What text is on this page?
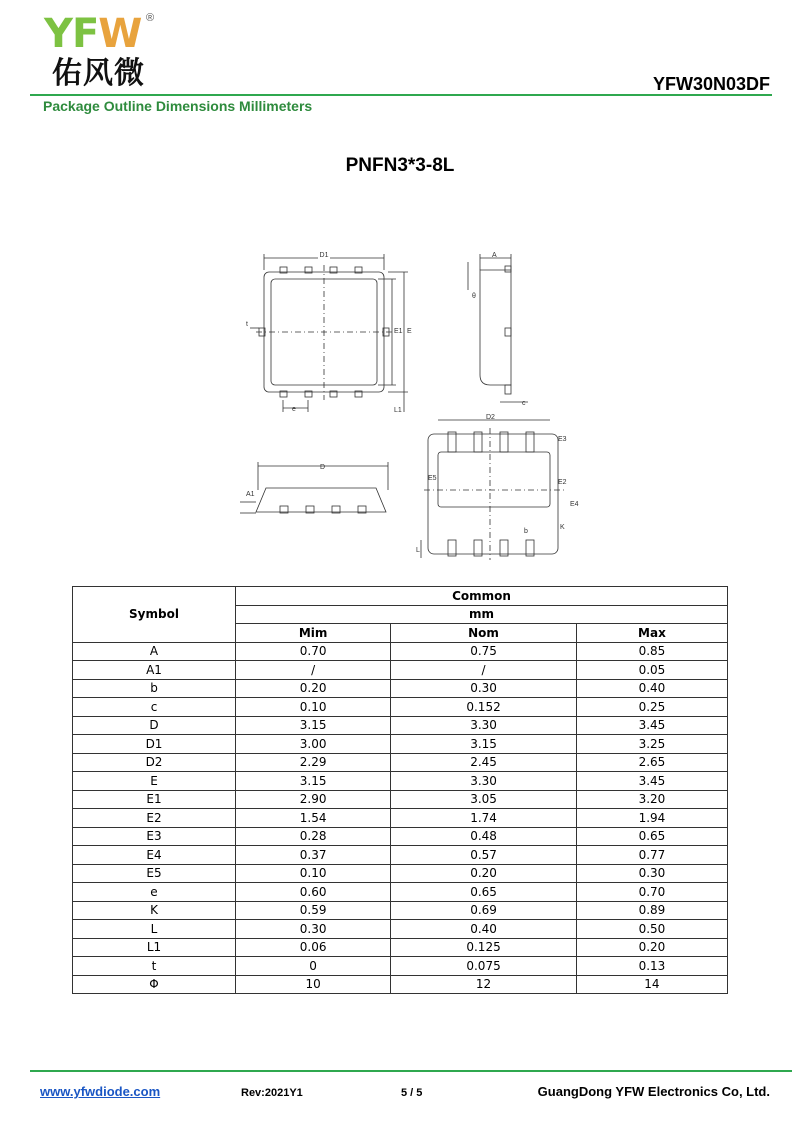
YFW ®
佑风微	YFW30N03DF
Package Outline Dimensions Millimeters
PNFN3*3-8L
D1
E1 E
t
e	L1
A
θ
c
D
A1
D2
E3
E2
E5
E4
K
b
L
Symbol	Common		
	mm		
	Mim	Nom	Max
A	0.70	0.75	0.85
A1	/	/	0.05
b	0.20	0.30	0.40
c	0.10	0.152	0.25
D	3.15	3.30	3.45
D1	3.00	3.15	3.25
D2	2.29	2.45	2.65
E	3.15	3.30	3.45
E1	2.90	3.05	3.20
E2	1.54	1.74	1.94
E3	0.28	0.48	0.65
E4	0.37	0.57	0.77
E5	0.10	0.20	0.30
e	0.60	0.65	0.70
K	0.59	0.69	0.89
L	0.30	0.40	0.50
L1	0.06	0.125	0.20
t	0	0.075	0.13
Φ	10	12	14
www.yfwdiode.com	Rev:2021Y1	5 / 5	GuangDong YFW Electronics Co, Ltd.
